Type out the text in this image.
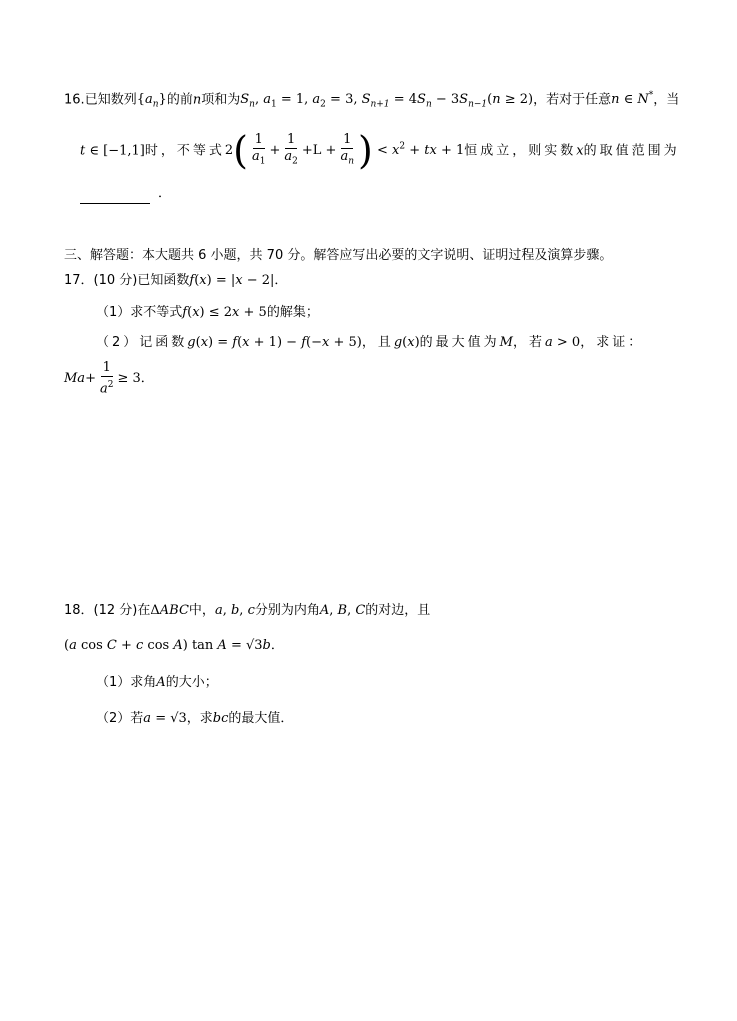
16.已知数列$\{a_n\}$的前n项和为$S_n$, $a_1 = 1$, $a_2 = 3$, $S_{n+1} = 4S_n - 3S_{n-1}(n \ge 2)$，若对于任意n ∈ N*，当
t ∈ [−1,1]时，不等式$2( \frac{1}{a_1} + \frac{1}{a_2} +L + \frac{1}{a_n}$ ) < $x^2$ + tx + 1恒成立，则实数x的取值范围为
．
三、解答题：本大题共 6 小题，共 70 分。解答应写出必要的文字说明、证明过程及演算步骤。
17．(10 分)已知函数f(x) = |x − 2|．
（1）求不等式f(x) ≤ 2x + 5的解集；
（2）记函数g(x) = f(x + 1) − f(−x + 5)，且g(x)的最大值为M，若a > 0，求证：
$Ma+ \frac{1}{a^2} \ge 3$．
18．(12 分)在ΔABC中，a, b, c分别为内角A, B, C的对边，且
(a cos C + c cos A) tan A = √3b．
（1）求角A的大小；
（2）若a = √3，求bc的最大值．
